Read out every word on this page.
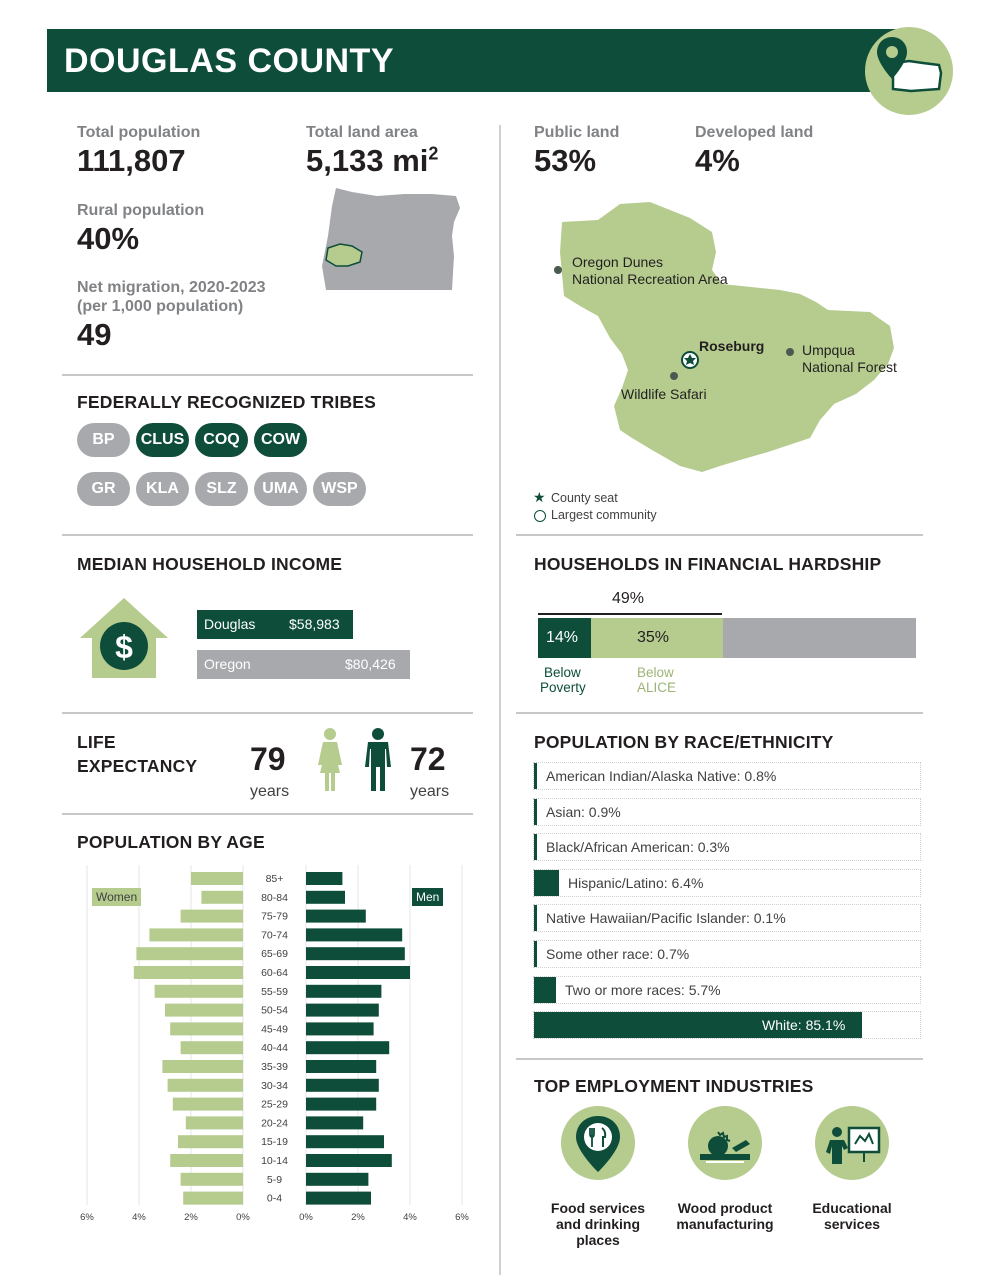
DOUGLAS COUNTY
Total population
111,807
Total land area
5,133 $mi^2$
Rural population
40%
Net migration, 2020-2023
(per 1,000 population)
49
FEDERALLY RECOGNIZED TRIBES
BP	CLUS	COQ	COW
GR	KLA	SLZ	UMA	WSP
MEDIAN HOUSEHOLD INCOME
$
Douglas $58,983
Oregon	$80,426
LIFE
EXPECTANCY 79
years
72
years
POPULATION BY AGE
85+
80-84
75-79
70-74
65-69
60-64
55-59
50-54
45-49
40-44
35-39
30-34
25-29
20-24
15-19
10-14
5-9
0-4
6%	4%	2%	0%	0%	2%	4%	6%
Women	Men
Public land
53%
Developed land
4%
Oregon Dunes
National Recreation Area
Roseburg	Umpqua
National Forest
Wildlife Safari
★ County seat
Largest community
HOUSEHOLDS IN FINANCIAL HARDSHIP
49%
14%	35%
Below
Poverty
Below
ALICE
POPULATION BY RACE/ETHNICITY
American Indian/Alaska Native: 0.8%
Asian: 0.9%
Black/African American: 0.3%
Hispanic/Latino: 6.4%
Native Hawaiian/Pacific Islander: 0.1%
Some other race: 0.7%
Two or more races: 5.7%
White: 85.1%
TOP EMPLOYMENT INDUSTRIES
Food services
and drinking
places
Wood product
manufacturing
Educational
services
